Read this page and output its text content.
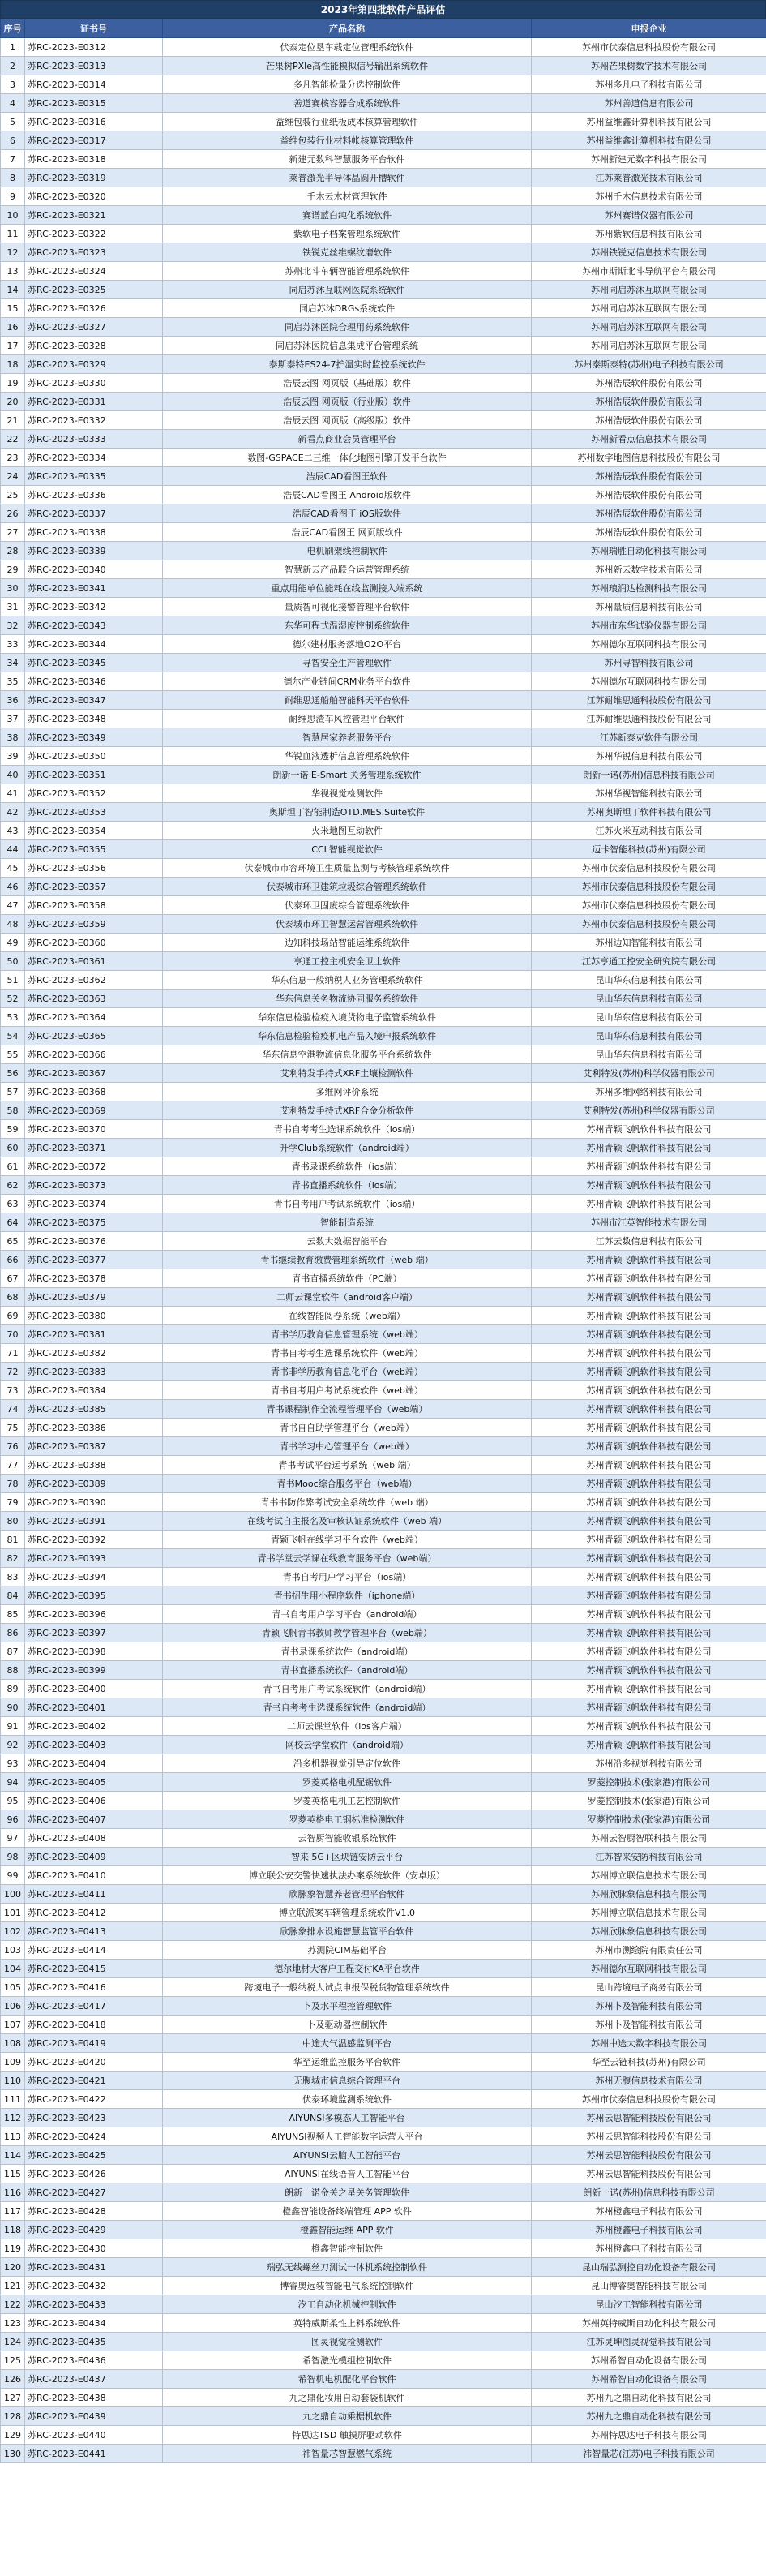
2023年第四批软件产品评估
序号	证书号	产品名称	申报企业
1	苏RC-2023-E0312	伏泰定位垦车载定位管理系统软件	苏州市伏泰信息科技股份有限公司
2	苏RC-2023-E0313	芒果树PXle高性能模拟信号输出系统软件	苏州芒果树数字技术有限公司
3	苏RC-2023-E0314	多凡智能检量分选控制软件	苏州多凡电子科技有限公司
4	苏RC-2023-E0315	善道赛核容器合成系统软件	苏州善道信息有限公司
5	苏RC-2023-E0316	益维包装行业纸板成本核算管理软件	苏州益维鑫计算机科技有限公司
6	苏RC-2023-E0317	益维包装行业材料帐核算管理软件	苏州益维鑫计算机科技有限公司
7	苏RC-2023-E0318	新建元数科智慧服务平台软件	苏州新建元数字科技有限公司
8	苏RC-2023-E0319	莱普激光半导体晶圆开槽软件	江苏莱普激光技术有限公司
9	苏RC-2023-E0320	千木云木材管理软件	苏州千木信息技术有限公司
10	苏RC-2023-E0321	赛谱蓝白纯化系统软件	苏州赛谱仪器有限公司
11	苏RC-2023-E0322	紫软电子档案管理系统软件	苏州紫软信息科技有限公司
12	苏RC-2023-E0323	铁锐克丝维螺纹磨软件	苏州铁锐克信息技术有限公司
13	苏RC-2023-E0324	苏州北斗车辆智能管理系统软件	苏州市斯斯北斗导航平台有限公司
14	苏RC-2023-E0325	同启苏沐互联网医院系统软件	苏州同启苏沐互联网有限公司
15	苏RC-2023-E0326	同启苏沐DRGs系统软件	苏州同启苏沐互联网有限公司
16	苏RC-2023-E0327	同启苏沐医院合理用药系统软件	苏州同启苏沐互联网有限公司
17	苏RC-2023-E0328	同启苏沐医院信息集成平台管理系统	苏州同启苏沐互联网有限公司
18	苏RC-2023-E0329	泰斯泰特ES24-7护温实时监控系统软件	苏州泰斯泰特(苏州)电子科技有限公司
19	苏RC-2023-E0330	浩辰云图 网页版（基础版）软件	苏州浩辰软件股份有限公司
20	苏RC-2023-E0331	浩辰云图 网页版（行业版）软件	苏州浩辰软件股份有限公司
21	苏RC-2023-E0332	浩辰云图 网页版（高级版）软件	苏州浩辰软件股份有限公司
22	苏RC-2023-E0333	新看点商业会员管理平台	苏州新看点信息技术有限公司
23	苏RC-2023-E0334	数图-GSPACE二三维一体化地图引擎开发平台软件	苏州数字地图信息科技股份有限公司
24	苏RC-2023-E0335	浩辰CAD看图王软件	苏州浩辰软件股份有限公司
25	苏RC-2023-E0336	浩辰CAD看图王 Android版软件	苏州浩辰软件股份有限公司
26	苏RC-2023-E0337	浩辰CAD看图王 iOS版软件	苏州浩辰软件股份有限公司
27	苏RC-2023-E0338	浩辰CAD看图王 网页版软件	苏州浩辰软件股份有限公司
28	苏RC-2023-E0339	电机刷架线控制软件	苏州瑞胜自动化科技有限公司
29	苏RC-2023-E0340	智慧新云产品联合运营管理系统	苏州新云数字技术有限公司
30	苏RC-2023-E0341	重点用能单位能耗在线监测接入端系统	苏州琅润达检测科技有限公司
31	苏RC-2023-E0342	量质智可视化接警管理平台软件	苏州量质信息科技有限公司
32	苏RC-2023-E0343	东华可程式温湿度控制系统软件	苏州市东华试验仪器有限公司
33	苏RC-2023-E0344	德尔建材服务落地O2O平台	苏州德尔互联网科技有限公司
34	苏RC-2023-E0345	寻智安全生产管理软件	苏州寻智科技有限公司
35	苏RC-2023-E0346	德尔产业链间CRM业务平台软件	苏州德尔互联网科技有限公司
36	苏RC-2023-E0347	耐维思通船舶智能科天平台软件	江苏耐维思通科技股份有限公司
37	苏RC-2023-E0348	耐维思渣车风控管理平台软件	江苏耐维思通科技股份有限公司
38	苏RC-2023-E0349	智慧居家养老服务平台	江苏新泰克软件有限公司
39	苏RC-2023-E0350	华锐血液透析信息管理系统软件	苏州华锐信息科技有限公司
40	苏RC-2023-E0351	朗新一诺 E-Smart 关务管理系统软件	朗新一诺(苏州)信息科技有限公司
41	苏RC-2023-E0352	华视视觉检测软件	苏州华视智能科技有限公司
42	苏RC-2023-E0353	奥斯坦丁智能制造OTD.MES.Suite软件	苏州奥斯坦丁软件科技有限公司
43	苏RC-2023-E0354	火米地图互动软件	江苏火米互动科技有限公司
44	苏RC-2023-E0355	CCL智能视觉软件	迈卡智能科技(苏州)有限公司
45	苏RC-2023-E0356	伏泰城市市容环境卫生质量监测与考核管理系统软件	苏州市伏泰信息科技股份有限公司
46	苏RC-2023-E0357	伏泰城市环卫建筑垃圾综合管理系统软件	苏州市伏泰信息科技股份有限公司
47	苏RC-2023-E0358	伏泰环卫固废综合管理系统软件	苏州市伏泰信息科技股份有限公司
48	苏RC-2023-E0359	伏泰城市环卫智慧运营管理系统软件	苏州市伏泰信息科技股份有限公司
49	苏RC-2023-E0360	边知科技场站智能运维系统软件	苏州边知智能科技有限公司
50	苏RC-2023-E0361	亨通工控主机安全卫士软件	江苏亨通工控安全研究院有限公司
51	苏RC-2023-E0362	华东信息一般纳税人业务管理系统软件	昆山华东信息科技有限公司
52	苏RC-2023-E0363	华东信息关务物流协同服务系统软件	昆山华东信息科技有限公司
53	苏RC-2023-E0364	华东信息检验检疫入境货物电子监管系统软件	昆山华东信息科技有限公司
54	苏RC-2023-E0365	华东信息检验检疫机电产品入境申报系统软件	昆山华东信息科技有限公司
55	苏RC-2023-E0366	华东信息空港物流信息化服务平台系统软件	昆山华东信息科技有限公司
56	苏RC-2023-E0367	艾利特发手持式XRF土壤检测软件	艾利特发(苏州)科学仪器有限公司
57	苏RC-2023-E0368	多维网评价系统	苏州多维网络科技有限公司
58	苏RC-2023-E0369	艾利特发手持式XRF合金分析软件	艾利特发(苏州)科学仪器有限公司
59	苏RC-2023-E0370	青书自考考生选课系统软件（ios端）	苏州青颖飞帆软件科技有限公司
60	苏RC-2023-E0371	升学Club系统软件（android端）	苏州青颖飞帆软件科技有限公司
61	苏RC-2023-E0372	青书录课系统软件（ios端）	苏州青颖飞帆软件科技有限公司
62	苏RC-2023-E0373	青书直播系统软件（ios端）	苏州青颖飞帆软件科技有限公司
63	苏RC-2023-E0374	青书自考用户考试系统软件（ios端）	苏州青颖飞帆软件科技有限公司
64	苏RC-2023-E0375	智能制造系统	苏州市江英智能技术有限公司
65	苏RC-2023-E0376	云数大数据智能平台	江苏云数信息科技有限公司
66	苏RC-2023-E0377	青书继续教育缴费管理系统软件（web 端）	苏州青颖飞帆软件科技有限公司
67	苏RC-2023-E0378	青书直播系统软件（PC端）	苏州青颖飞帆软件科技有限公司
68	苏RC-2023-E0379	二师云课堂软件（android客户端）	苏州青颖飞帆软件科技有限公司
69	苏RC-2023-E0380	在线智能阅卷系统（web端）	苏州青颖飞帆软件科技有限公司
70	苏RC-2023-E0381	青书学历教育信息管理系统（web端）	苏州青颖飞帆软件科技有限公司
71	苏RC-2023-E0382	青书自考考生选课系统软件（web端）	苏州青颖飞帆软件科技有限公司
72	苏RC-2023-E0383	青书非学历教育信息化平台（web端）	苏州青颖飞帆软件科技有限公司
73	苏RC-2023-E0384	青书自考用户考试系统软件（web端）	苏州青颖飞帆软件科技有限公司
74	苏RC-2023-E0385	青书课程制作全流程管理平台（web端）	苏州青颖飞帆软件科技有限公司
75	苏RC-2023-E0386	青书自自助学管理平台（web端）	苏州青颖飞帆软件科技有限公司
76	苏RC-2023-E0387	青书学习中心管理平台（web端）	苏州青颖飞帆软件科技有限公司
77	苏RC-2023-E0388	青书考试平台运考系统（web 端）	苏州青颖飞帆软件科技有限公司
78	苏RC-2023-E0389	青书Mooc综合服务平台（web端）	苏州青颖飞帆软件科技有限公司
79	苏RC-2023-E0390	青书书防作弊考试安全系统软件（web 端）	苏州青颖飞帆软件科技有限公司
80	苏RC-2023-E0391	在线考试自主报名及审核认证系统软件（web 端）	苏州青颖飞帆软件科技有限公司
81	苏RC-2023-E0392	青颖飞帆在线学习平台软件（web端）	苏州青颖飞帆软件科技有限公司
82	苏RC-2023-E0393	青书学堂云学课在线教育服务平台（web端）	苏州青颖飞帆软件科技有限公司
83	苏RC-2023-E0394	青书自考用户学习平台（ios端）	苏州青颖飞帆软件科技有限公司
84	苏RC-2023-E0395	青书招生用小程序软件（iphone端）	苏州青颖飞帆软件科技有限公司
85	苏RC-2023-E0396	青书自考用户学习平台（android端）	苏州青颖飞帆软件科技有限公司
86	苏RC-2023-E0397	青颖飞帆青书教师教学管理平台（web端）	苏州青颖飞帆软件科技有限公司
87	苏RC-2023-E0398	青书录课系统软件（android端）	苏州青颖飞帆软件科技有限公司
88	苏RC-2023-E0399	青书直播系统软件（android端）	苏州青颖飞帆软件科技有限公司
89	苏RC-2023-E0400	青书自考用户考试系统软件（android端）	苏州青颖飞帆软件科技有限公司
90	苏RC-2023-E0401	青书自考考生选课系统软件（android端）	苏州青颖飞帆软件科技有限公司
91	苏RC-2023-E0402	二师云课堂软件（ios客户端）	苏州青颖飞帆软件科技有限公司
92	苏RC-2023-E0403	网校云学堂软件（android端）	苏州青颖飞帆软件科技有限公司
93	苏RC-2023-E0404	沿多机器视觉引导定位软件	苏州沿多视觉科技有限公司
94	苏RC-2023-E0405	罗菱英格电机配锯软件	罗菱控制技术(张家港)有限公司
95	苏RC-2023-E0406	罗菱英格电机工艺控制软件	罗菱控制技术(张家港)有限公司
96	苏RC-2023-E0407	罗菱英格电工钢标准检测软件	罗菱控制技术(张家港)有限公司
97	苏RC-2023-E0408	云智厨智能收银系统软件	苏州云智厨智联科技有限公司
98	苏RC-2023-E0409	智来 5G+区块链安防云平台	江苏智来安防科技有限公司
99	苏RC-2023-E0410	博立联公安交警快速执法办案系统软件（安卓版）	苏州博立联信息技术有限公司
100	苏RC-2023-E0411	欣脉象智慧养老管理平台软件	苏州欣脉象信息科技有限公司
101	苏RC-2023-E0412	博立联派案车辆管理系统软件V1.0	苏州博立联信息技术有限公司
102	苏RC-2023-E0413	欣脉象排水设施智慧监管平台软件	苏州欣脉象信息科技有限公司
103	苏RC-2023-E0414	苏测院CIM基础平台	苏州市测绘院有限责任公司
104	苏RC-2023-E0415	德尔地材大客户工程交付KA平台软件	苏州德尔互联网科技有限公司
105	苏RC-2023-E0416	跨境电子一般纳税人试点申报保税货物管理系统软件	昆山跨境电子商务有限公司
106	苏RC-2023-E0417	卜及水平程控管理软件	苏州卜及智能科技有限公司
107	苏RC-2023-E0418	卜及驱动器控制软件	苏州卜及智能科技有限公司
108	苏RC-2023-E0419	中途大气温感监测平台	苏州中途大数字科技有限公司
109	苏RC-2023-E0420	华至运维监控服务平台软件	华至云链科技(苏州)有限公司
110	苏RC-2023-E0421	无腹城市信息综合管理平台	苏州无腹信息技术有限公司
111	苏RC-2023-E0422	伏泰环境监测系统软件	苏州市伏泰信息科技股份有限公司
112	苏RC-2023-E0423	AIYUNSI多模态人工智能平台	苏州云思智能科技股份有限公司
113	苏RC-2023-E0424	AIYUNSI视频人工智能数字运营人平台	苏州云思智能科技股份有限公司
114	苏RC-2023-E0425	AIYUNSI云脑人工智能平台	苏州云思智能科技股份有限公司
115	苏RC-2023-E0426	AIYUNSI在线语音人工智能平台	苏州云思智能科技股份有限公司
116	苏RC-2023-E0427	朗新一诺金关之星关务管理软件	朗新一诺(苏州)信息科技有限公司
117	苏RC-2023-E0428	橙鑫智能设备终端管理 APP 软件	苏州橙鑫电子科技有限公司
118	苏RC-2023-E0429	橙鑫智能运维 APP 软件	苏州橙鑫电子科技有限公司
119	苏RC-2023-E0430	橙鑫智能控制软件	苏州橙鑫电子科技有限公司
120	苏RC-2023-E0431	瑞弘无线螺丝刀测试一体机系统控制软件	昆山瑞弘测控自动化设备有限公司
121	苏RC-2023-E0432	博睿奥远装智能电气系统控制软件	昆山博睿奥智能科技有限公司
122	苏RC-2023-E0433	汐工自动化机械控制软件	昆山汐工智能科技有限公司
123	苏RC-2023-E0434	英特威斯柔性上料系统软件	苏州英特威斯自动化科技有限公司
124	苏RC-2023-E0435	图灵视觉检测软件	江苏灵坤图灵视觉科技有限公司
125	苏RC-2023-E0436	希智激光模组控制软件	苏州希智自动化设备有限公司
126	苏RC-2023-E0437	希智机电机配化平台软件	苏州希智自动化设备有限公司
127	苏RC-2023-E0438	九之鼎化妆用自动套袋机软件	苏州九之鼎自动化科技有限公司
128	苏RC-2023-E0439	九之鼎自动乘据机软件	苏州九之鼎自动化科技有限公司
129	苏RC-2023-E0440	特思达TSD 触摸屏驱动软件	苏州特思达电子科技有限公司
130	苏RC-2023-E0441	祎智量芯智慧燃气系统	祎智量芯(江苏)电子科技有限公司
